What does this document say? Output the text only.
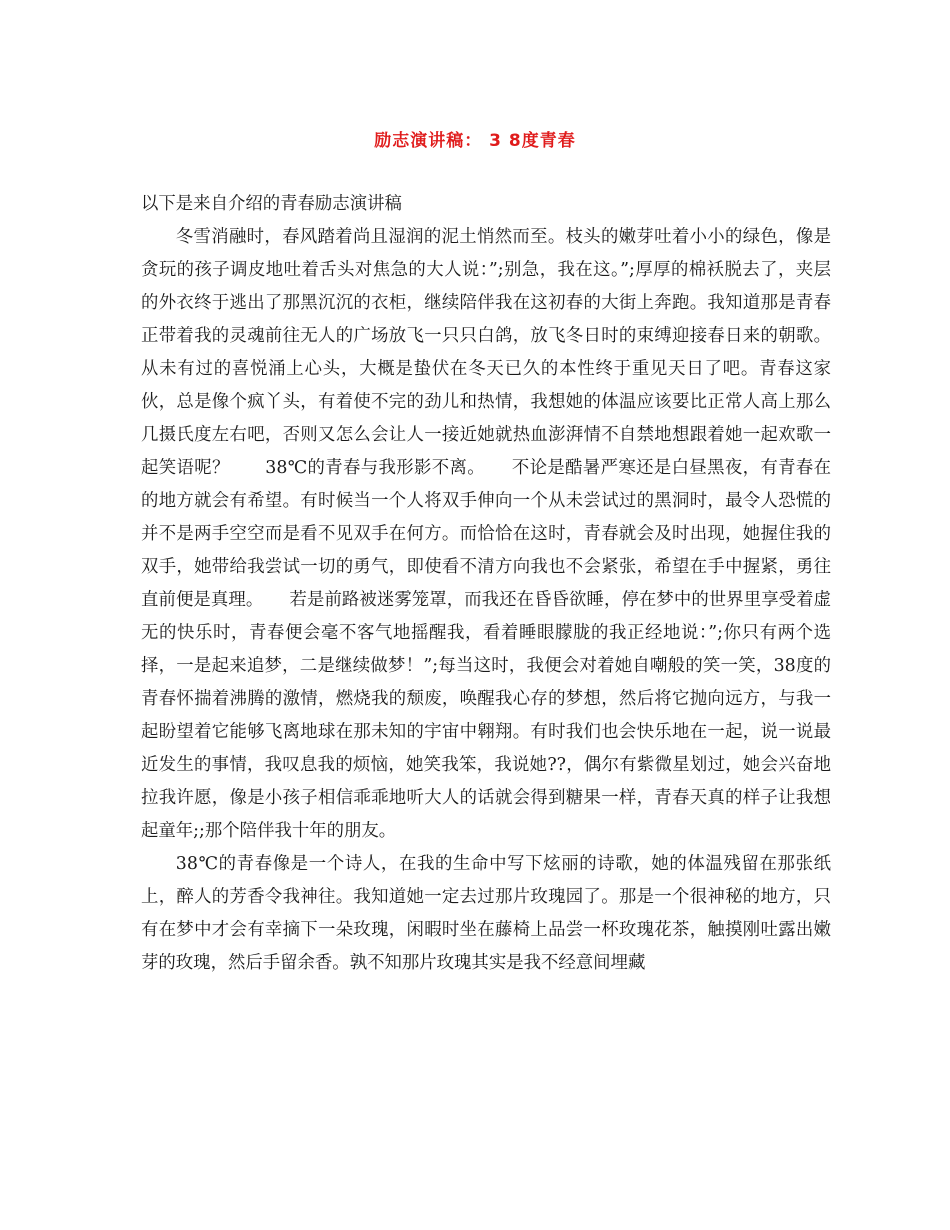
励志演讲稿： 3 8度青春

以下是来自介绍的青春励志演讲稿

冬雪消融时，春风踏着尚且湿润的泥土悄然而至。枝头的嫩芽吐着小小的绿色，像是贪玩的孩子调皮地吐着舌头对焦急的大人说：”;别急，我在这。”;厚厚的棉袄脱去了，夹层的外衣终于逃出了那黑沉沉的衣柜，继续陪伴我在这初春的大街上奔跑。我知道那是青春正带着我的灵魂前往无人的广场放飞一只只白鸽，放飞冬日时的束缚迎接春日来的朝歌。从未有过的喜悦涌上心头，大概是蛰伏在冬天已久的本性终于重见天日了吧。青春这家伙，总是像个疯丫头，有着使不完的劲儿和热情，我想她的体温应该要比正常人高上那么几摄氏度左右吧，否则又怎么会让人一接近她就热血澎湃情不自禁地想跟着她一起欢歌一起笑语呢？　　38℃的青春与我形影不离。　　不论是酷暑严寒还是白昼黑夜，有青春在的地方就会有希望。有时候当一个人将双手伸向一个从未尝试过的黑洞时，最令人恐慌的并不是两手空空而是看不见双手在何方。而恰恰在这时，青春就会及时出现，她握住我的双手，她带给我尝试一切的勇气，即使看不清方向我也不会紧张，希望在手中握紧，勇往直前便是真理。　　若是前路被迷雾笼罩，而我还在昏昏欲睡，停在梦中的世界里享受着虚无的快乐时，青春便会毫不客气地摇醒我，看着睡眼朦胧的我正经地说：”;你只有两个选择，一是起来追梦，二是继续做梦！”;每当这时，我便会对着她自嘲般的笑一笑，38度的青春怀揣着沸腾的激情，燃烧我的颓废，唤醒我心存的梦想，然后将它抛向远方，与我一起盼望着它能够飞离地球在那未知的宇宙中翱翔。有时我们也会快乐地在一起，说一说最近发生的事情，我叹息我的烦恼，她笑我笨，我说她??，偶尔有紫微星划过，她会兴奋地拉我许愿，像是小孩子相信乖乖地听大人的话就会得到糖果一样，青春天真的样子让我想起童年;;那个陪伴我十年的朋友。

38℃的青春像是一个诗人，在我的生命中写下炫丽的诗歌，她的体温残留在那张纸上，醉人的芳香令我神往。我知道她一定去过那片玫瑰园了。那是一个很神秘的地方，只有在梦中才会有幸摘下一朵玫瑰，闲暇时坐在藤椅上品尝一杯玫瑰花茶，触摸刚吐露出嫩芽的玫瑰，然后手留余香。孰不知那片玫瑰其实是我不经意间埋藏
